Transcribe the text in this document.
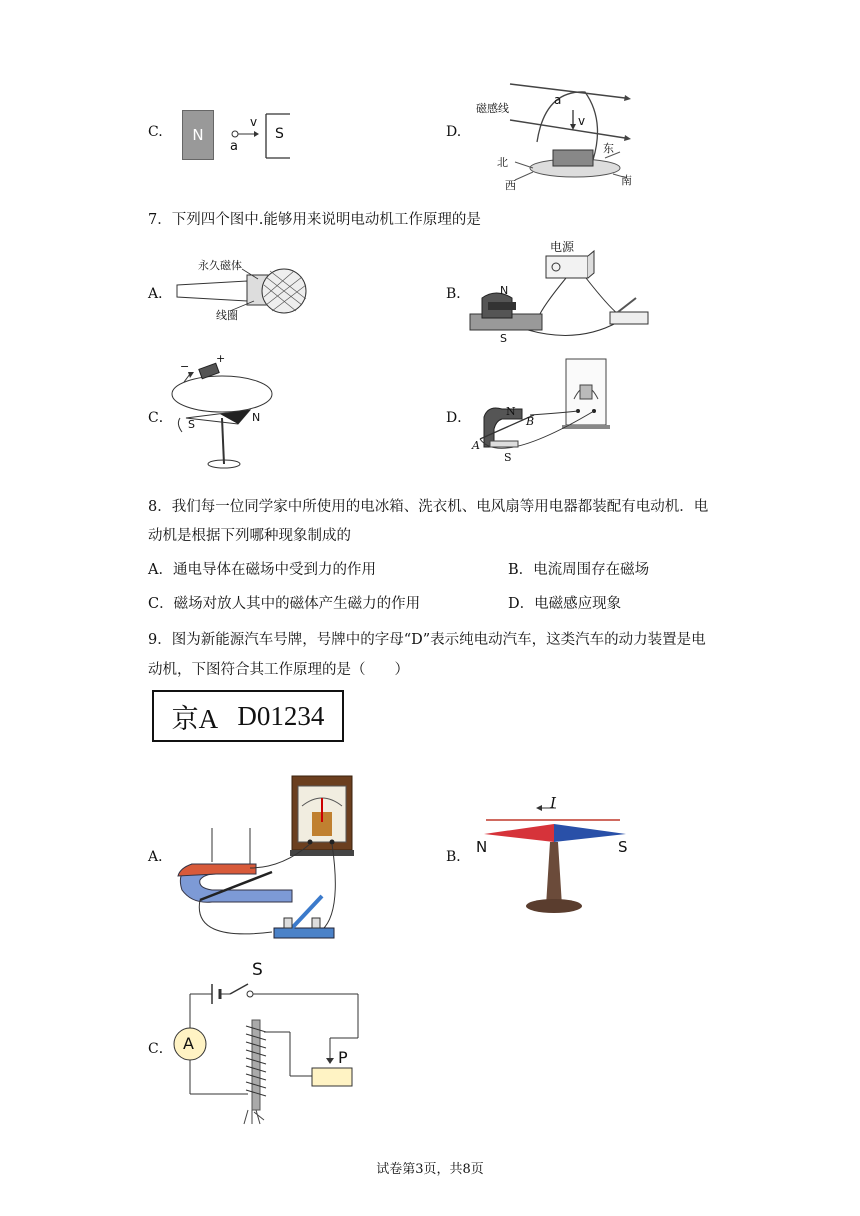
C.	N
v
a
S	D.
磁感线
a
v
北
东
西	南
7．下列四个图中.能够用来说明电动机工作原理的是
A．
永久磁体
线圈
B．
电源
N
S
C．
+
−
S
N	D．	N
B
A
S
8．我们每一位同学家中所使用的电冰箱、洗衣机、电风扇等用电器都装配有电动机．电
动机是根据下列哪种现象制成的
A．通电导体在磁场中受到力的作用	B．电流周围存在磁场
C．磁场对放人其中的磁体产生磁力的作用	D．电磁感应现象
9．图为新能源汽车号牌，号牌中的字母“D”表示纯电动汽车，这类汽车的动力装置是电
动机，下图符合其工作原理的是（　　）
京A D01234
A．	B．
I
N	S
C．
S
A
P
试卷第3页，共8页
